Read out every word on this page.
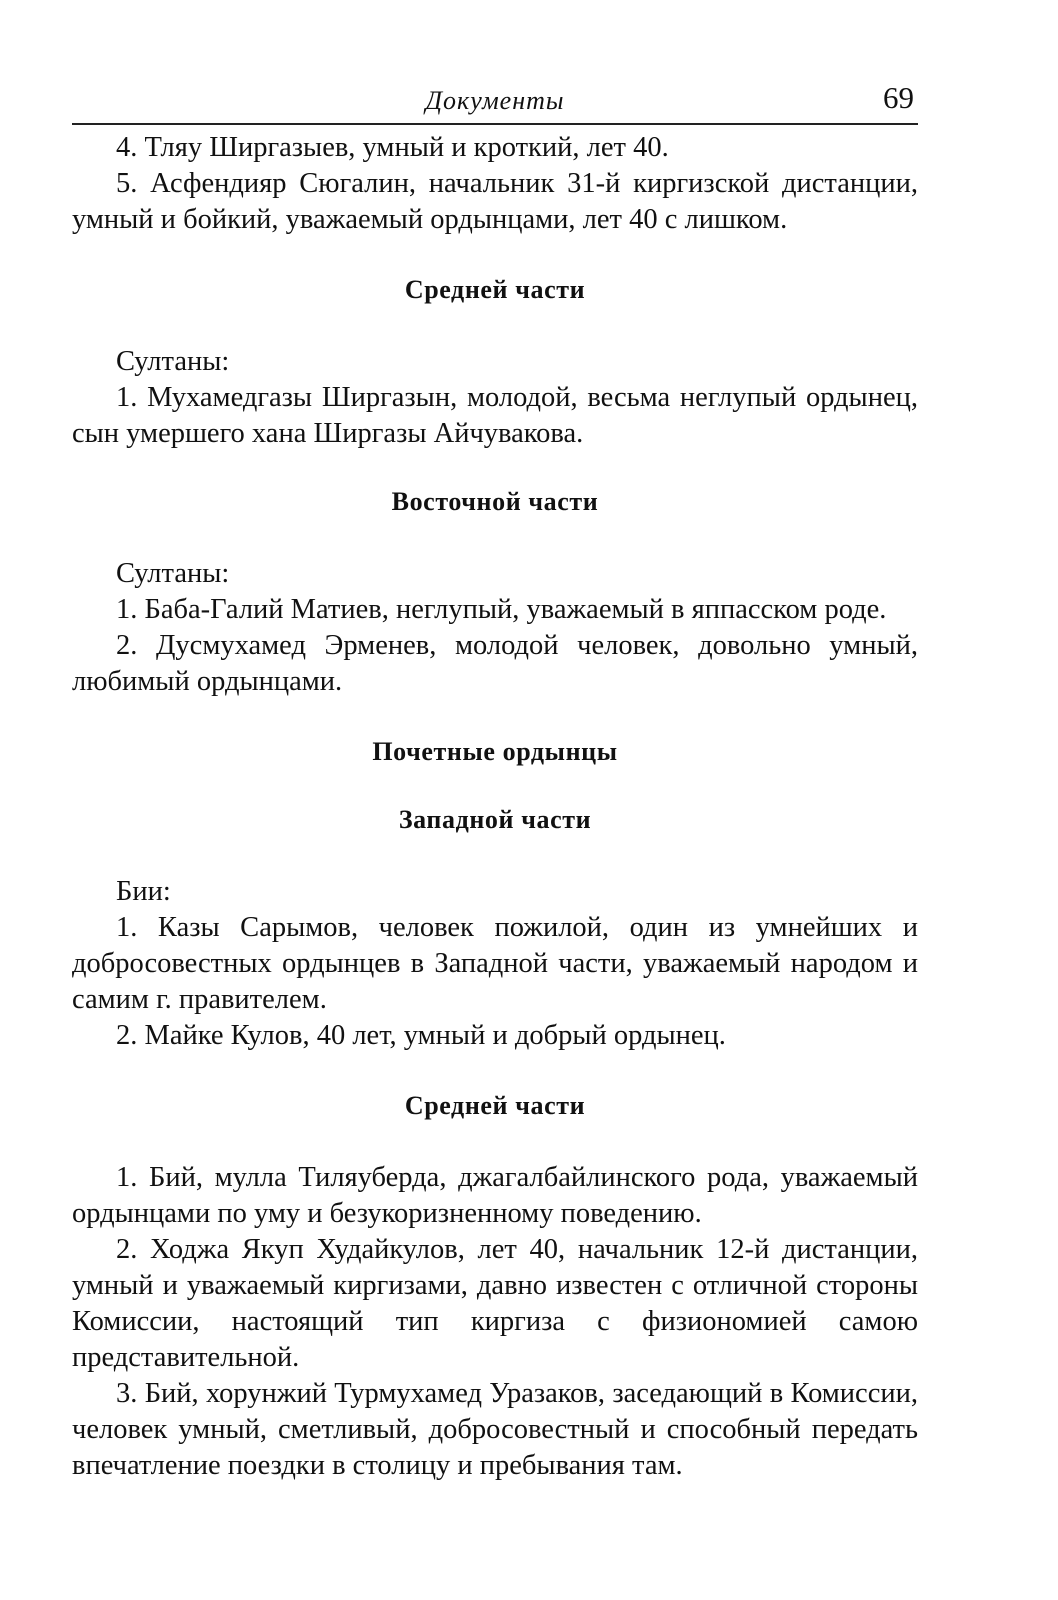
Документы	69

4. Тляу Ширгазыев, умный и кроткий, лет 40.

5. Асфендияр Сюгалин, начальник 31-й киргизской дистанции, умный и бойкий, уважаемый ордынцами, лет 40 с лишком.

Средней части

Султаны:

1. Мухамедгазы Ширгазын, молодой, весьма неглупый ордынец, сын умершего хана Ширгазы Айчувакова.

Восточной части

Султаны:

1. Баба-Галий Матиев, неглупый, уважаемый в яппасском роде.

2. Дусмухамед Эрменев, молодой человек, довольно умный, любимый ордынцами.

Почетные ордынцы

Западной части

Бии:

1. Казы Сарымов, человек пожилой, один из умнейших и добросовестных ордынцев в Западной части, уважаемый народом и самим г. правителем.

2. Майке Кулов, 40 лет, умный и добрый ордынец.

Средней части

1. Бий, мулла Тиляуберда, джагалбайлинского рода, уважаемый ордынцами по уму и безукоризненному поведению.

2. Ходжа Якуп Худайкулов, лет 40, начальник 12-й дистанции, умный и уважаемый киргизами, давно известен с отличной стороны Комиссии, настоящий тип киргиза с физиономией самою представительной.

3. Бий, хорунжий Турмухамед Уразаков, заседающий в Комиссии, человек умный, сметливый, добросовестный и способный передать впечатление поездки в столицу и пребывания там.
